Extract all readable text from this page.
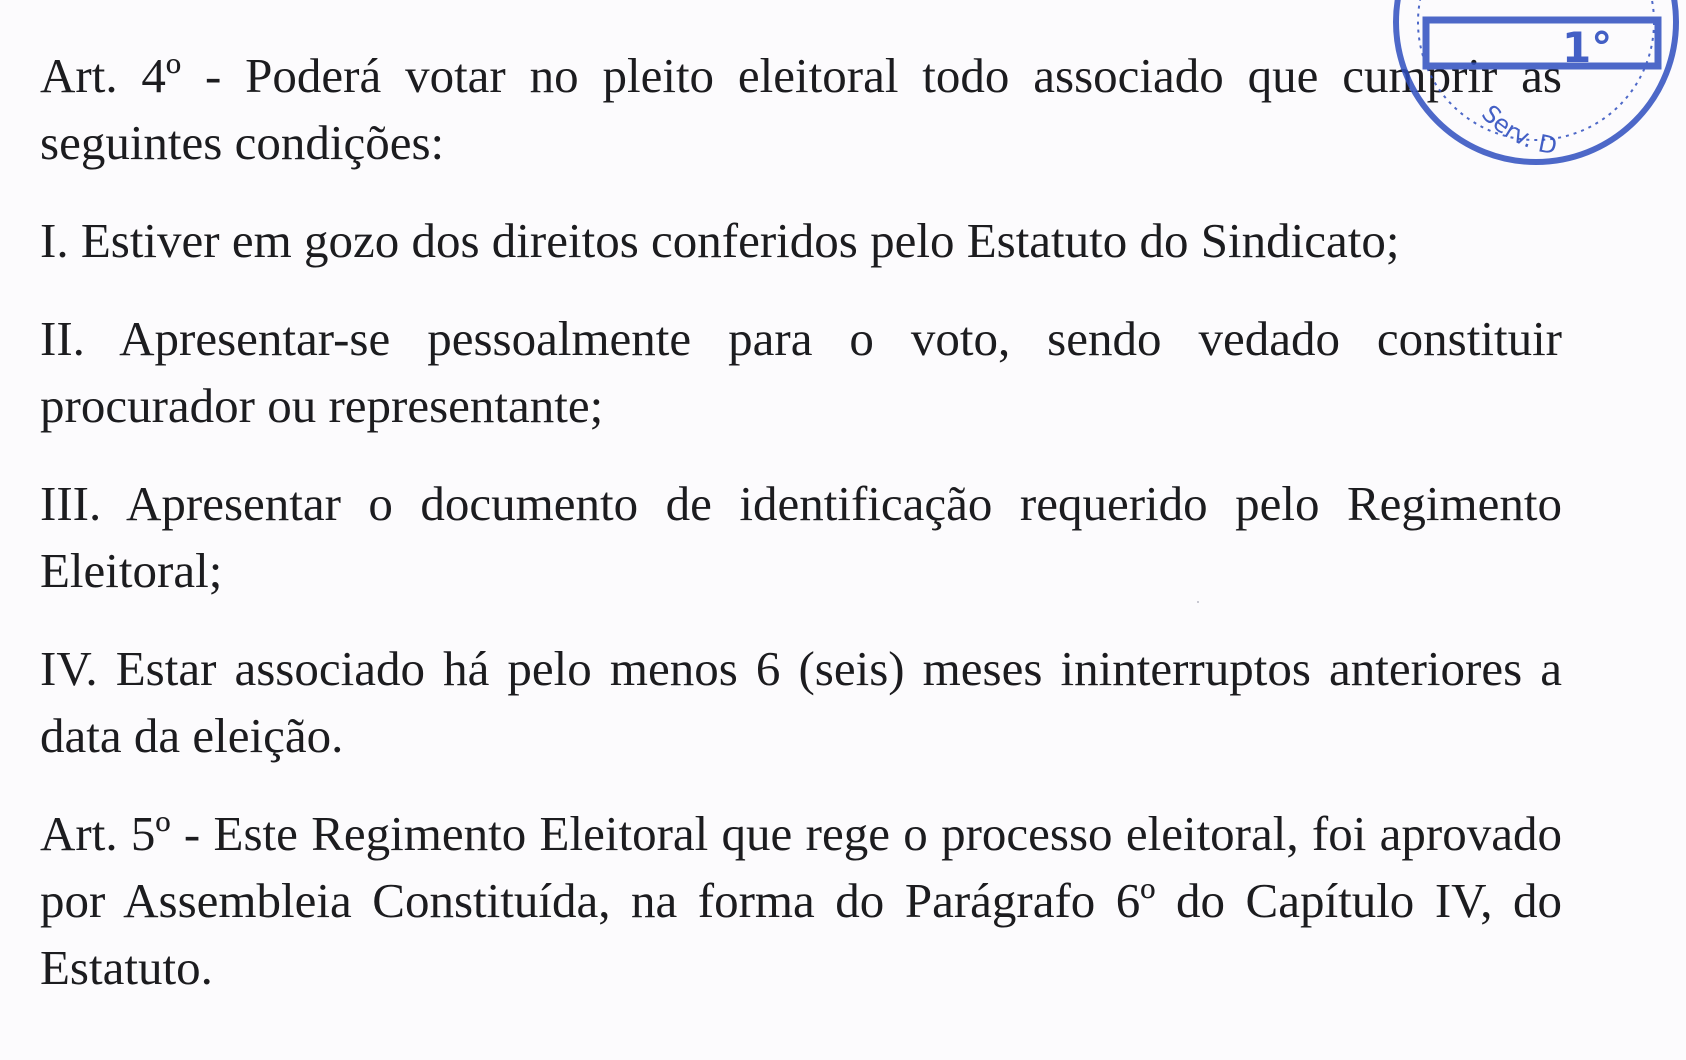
Art. 4º - Poderá votar no pleito eleitoral todo associado que cumprir as seguintes condições:

I. Estiver em gozo dos direitos conferidos pelo Estatuto do Sindicato;

II. Apresentar-se pessoalmente para o voto, sendo vedado constituir procurador ou representante;

III. Apresentar o documento de identificação requerido pelo Regimento Eleitoral;

IV. Estar associado há pelo menos 6 (seis) meses ininterruptos anteriores a data da eleição.

Art. 5º - Este Regimento Eleitoral que rege o processo eleitoral, foi aprovado por Assembleia Constituída, na forma do Parágrafo 6º do Capítulo IV, do Estatuto.

1°
Serv. D
